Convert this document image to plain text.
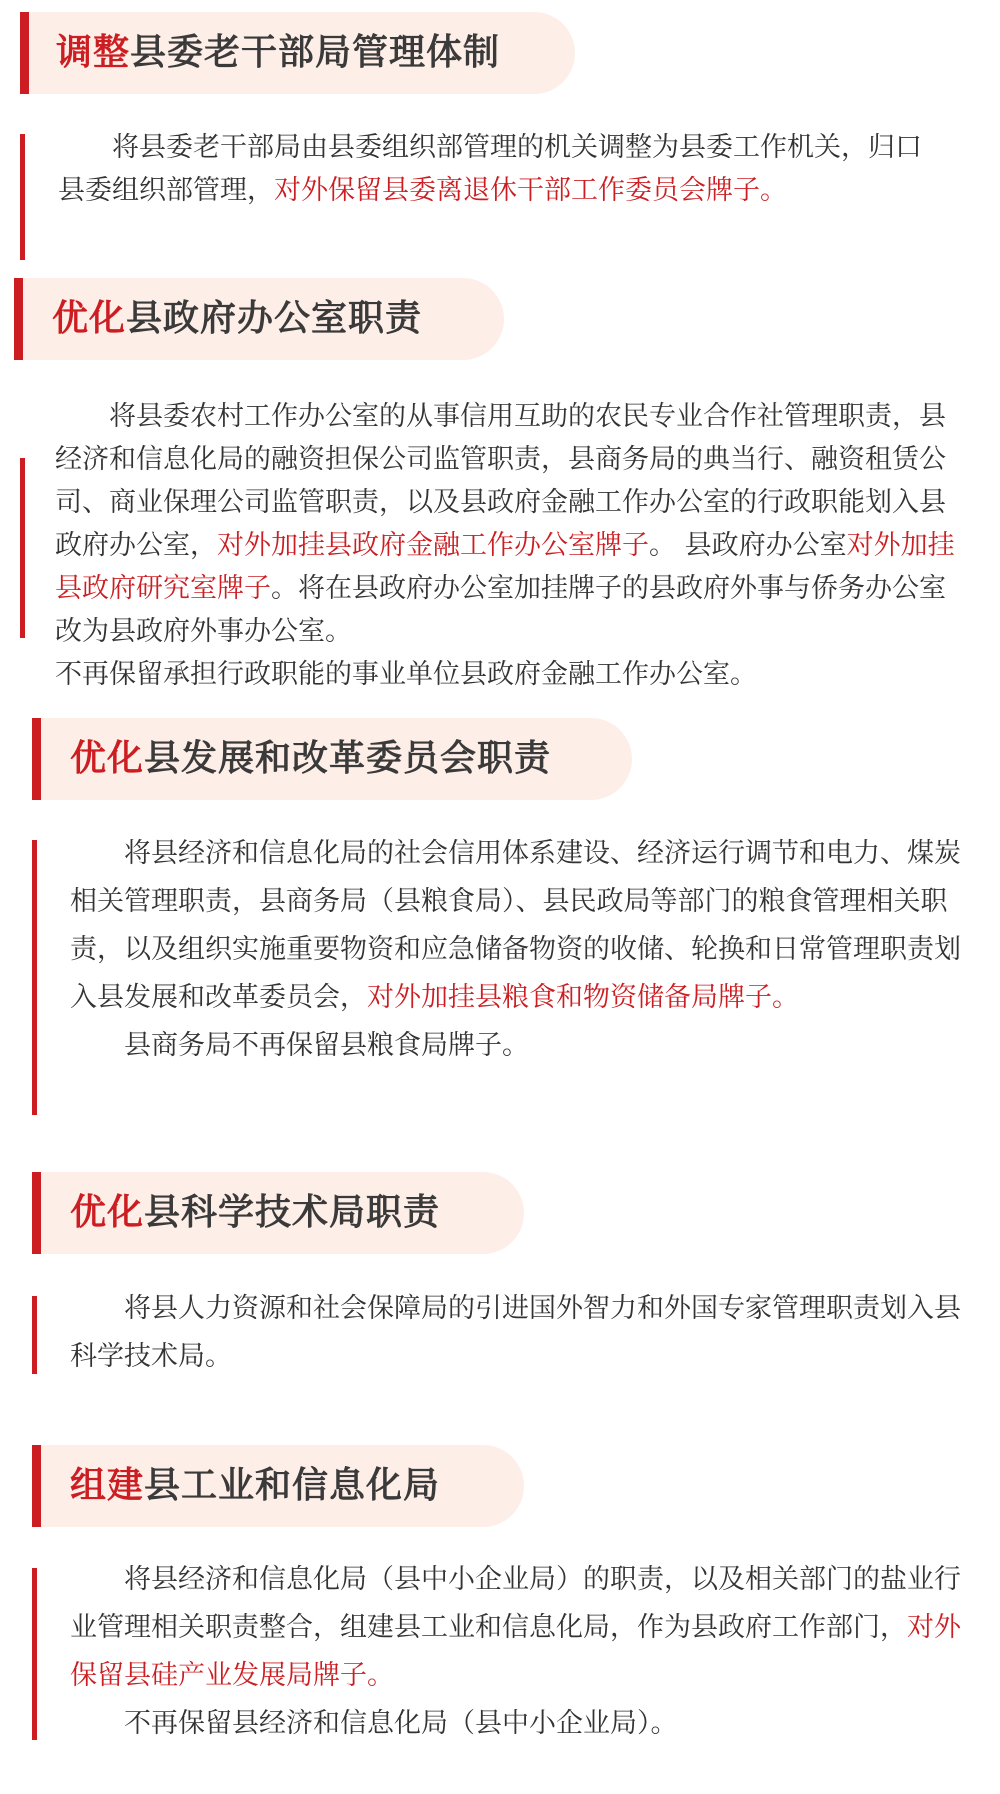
调整县委老干部局管理体制

将县委老干部局由县委组织部管理的机关调整为县委工作机关，归口县委组织部管理，对外保留县委离退休干部工作委员会牌子。

优化县政府办公室职责

将县委农村工作办公室的从事信用互助的农民专业合作社管理职责，县经济和信息化局的融资担保公司监管职责，县商务局的典当行、融资租赁公司、商业保理公司监管职责，以及县政府金融工作办公室的行政职能划入县政府办公室，对外加挂县政府金融工作办公室牌子。 县政府办公室对外加挂县政府研究室牌子。将在县政府办公室加挂牌子的县政府外事与侨务办公室改为县政府外事办公室。

不再保留承担行政职能的事业单位县政府金融工作办公室。

优化县发展和改革委员会职责

将县经济和信息化局的社会信用体系建设、经济运行调节和电力、煤炭相关管理职责，县商务局（县粮食局）、县民政局等部门的粮食管理相关职责，以及组织实施重要物资和应急储备物资的收储、轮换和日常管理职责划入县发展和改革委员会，对外加挂县粮食和物资储备局牌子。

县商务局不再保留县粮食局牌子。

优化县科学技术局职责

将县人力资源和社会保障局的引进国外智力和外国专家管理职责划入县科学技术局。

组建县工业和信息化局

将县经济和信息化局（县中小企业局）的职责，以及相关部门的盐业行业管理相关职责整合，组建县工业和信息化局，作为县政府工作部门，对外保留县硅产业发展局牌子。

不再保留县经济和信息化局（县中小企业局）。
